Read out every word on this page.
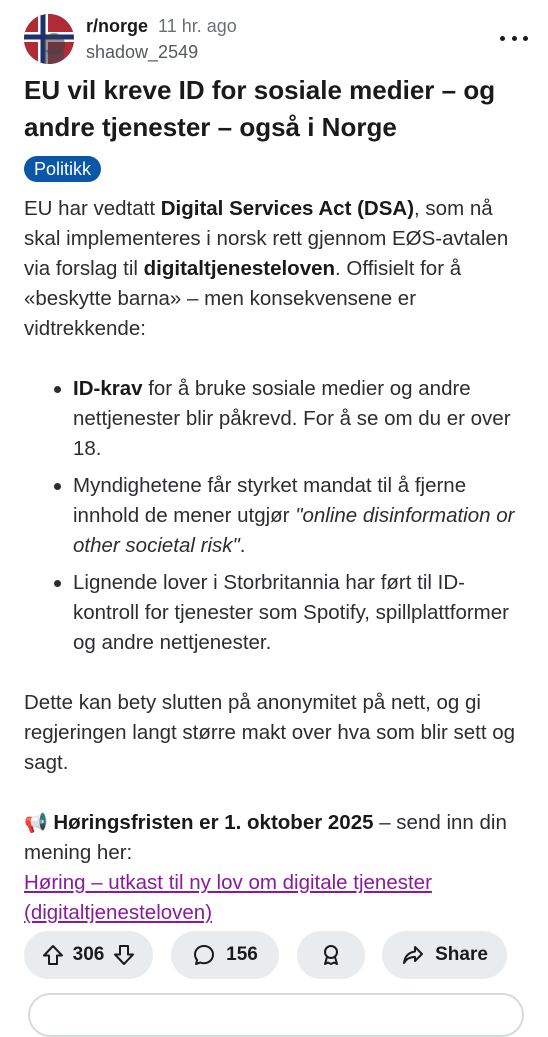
r/norge 11 hr. ago
shadow_2549
EU vil kreve ID for sosiale medier – og andre tjenester – også i Norge
Politikk

EU har vedtatt Digital Services Act (DSA), som nå skal implementeres i norsk rett gjennom EØS-avtalen via forslag til digitaltjenesteloven. Offisielt for å «beskytte barna» – men konsekvensene er vidtrekkende:

ID-krav for å bruke sosiale medier og andre nettjenester blir påkrevd. For å se om du er over 18.
Myndighetene får styrket mandat til å fjerne innhold de mener utgjør "online disinformation or other societal risk".
Lignende lover i Storbritannia har ført til ID-kontroll for tjenester som Spotify, spillplattformer og andre nettjenester.

Dette kan bety slutten på anonymitet på nett, og gi regjeringen langt større makt over hva som blir sett og sagt.

📢 Høringsfristen er 1. oktober 2025 – send inn din mening her:
Høring – utkast til ny lov om digitale tjenester (digitaltjenesteloven)

306	156	Share
